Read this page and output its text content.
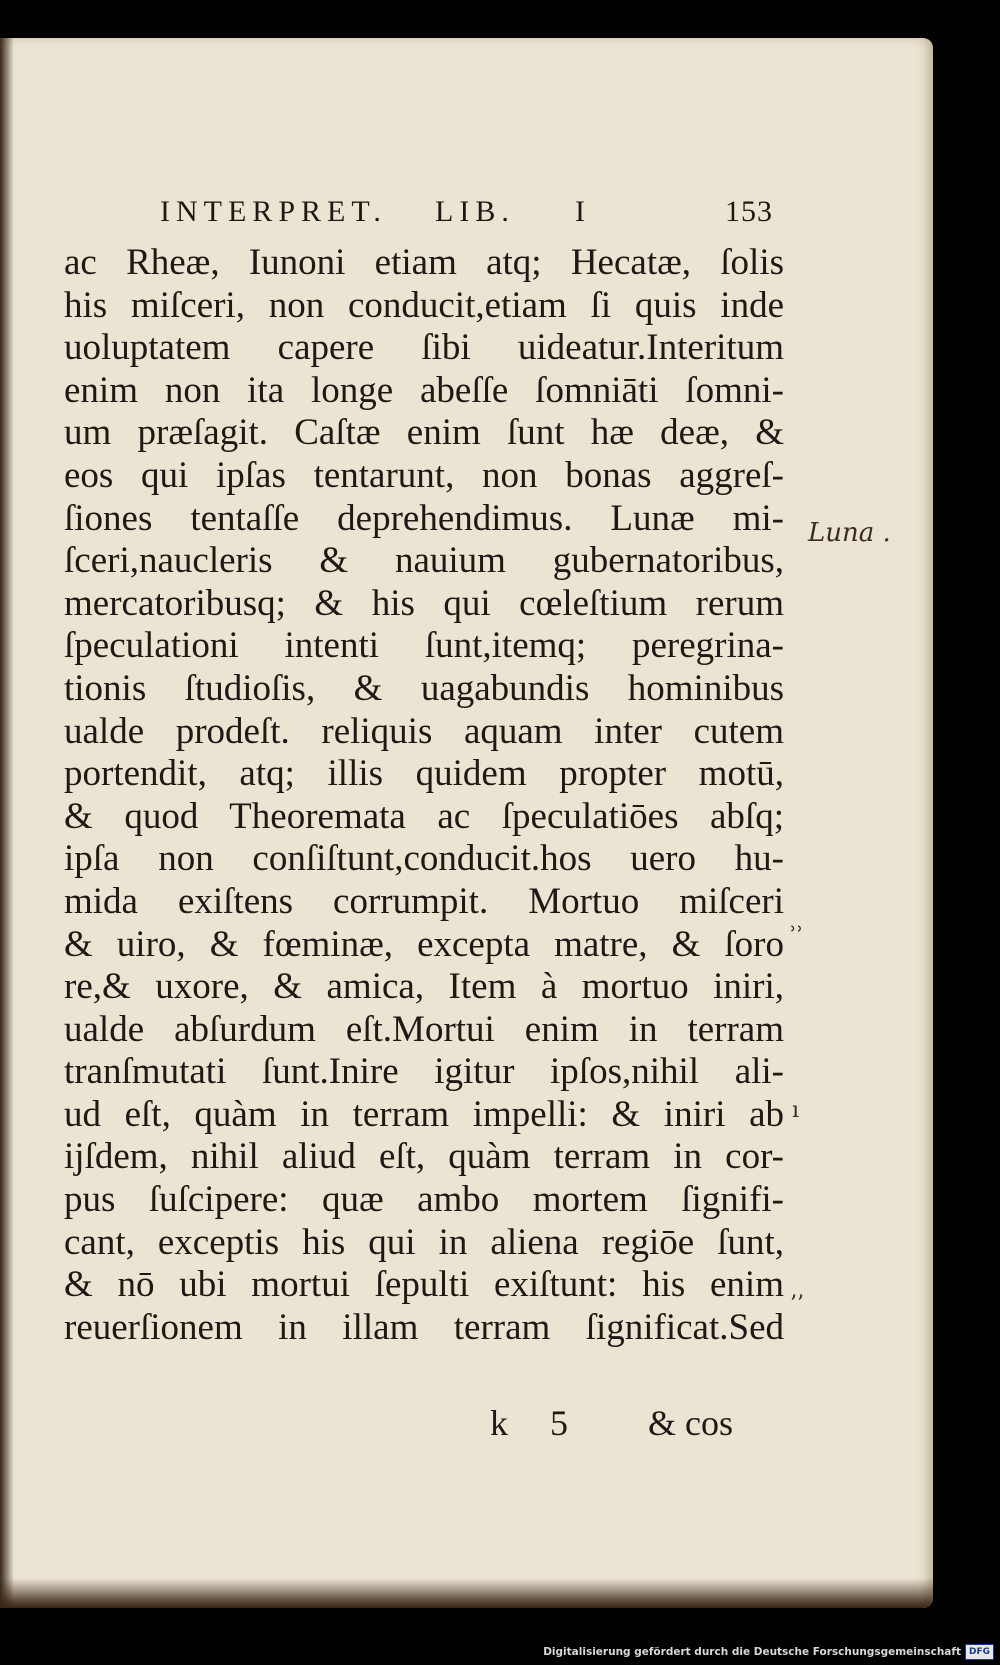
INTERPRET. LIB. I	153
ac Rheæ, Iunoni etiam atq; Hecatæ, ſolis
his miſceri, non conducit,etiam ſi quis inde
uoluptatem capere ſibi uideatur.Interitum
enim non ita longe abeſſe ſomniāti ſomni-
um præſagit. Caſtæ enim ſunt hæ deæ, &
eos qui ipſas tentarunt, non bonas aggreſ-
ſiones tentaſſe deprehendimus. Lunæ mi-
ſceri,naucleris & nauium gubernatoribus,
mercatoribusq; & his qui cœleſtium rerum
ſpeculationi intenti ſunt,itemq; peregrina-
tionis ſtudioſis, & uagabundis hominibus
ualde prodeſt. reliquis aquam inter cutem
portendit, atq; illis quidem propter motū,
& quod Theoremata ac ſpeculatiōes abſq;
ipſa non conſiſtunt,conducit.hos uero hu-
mida exiſtens corrumpit. Mortuo miſceri
& uiro, & fœminæ, excepta matre, & ſoro
re,& uxore, & amica, Item à mortuo iniri,
ualde abſurdum eſt.Mortui enim in terram
tranſmutati ſunt.Inire igitur ipſos,nihil ali-
ud eſt, quàm in terram impelli: & iniri ab
ijſdem, nihil aliud eſt, quàm terram in cor-
pus ſuſcipere: quæ ambo mortem ſignifi-
cant, exceptis his qui in aliena regiōe ſunt,
& nō ubi mortui ſepulti exiſtunt: his enim
reuerſionem in illam terram ſignificat.Sed
k 5 & cos
Luna .
˒˒
ı
’’
Digitalisierung gefördert durch die Deutsche Forschungsgemeinschaft DFG
